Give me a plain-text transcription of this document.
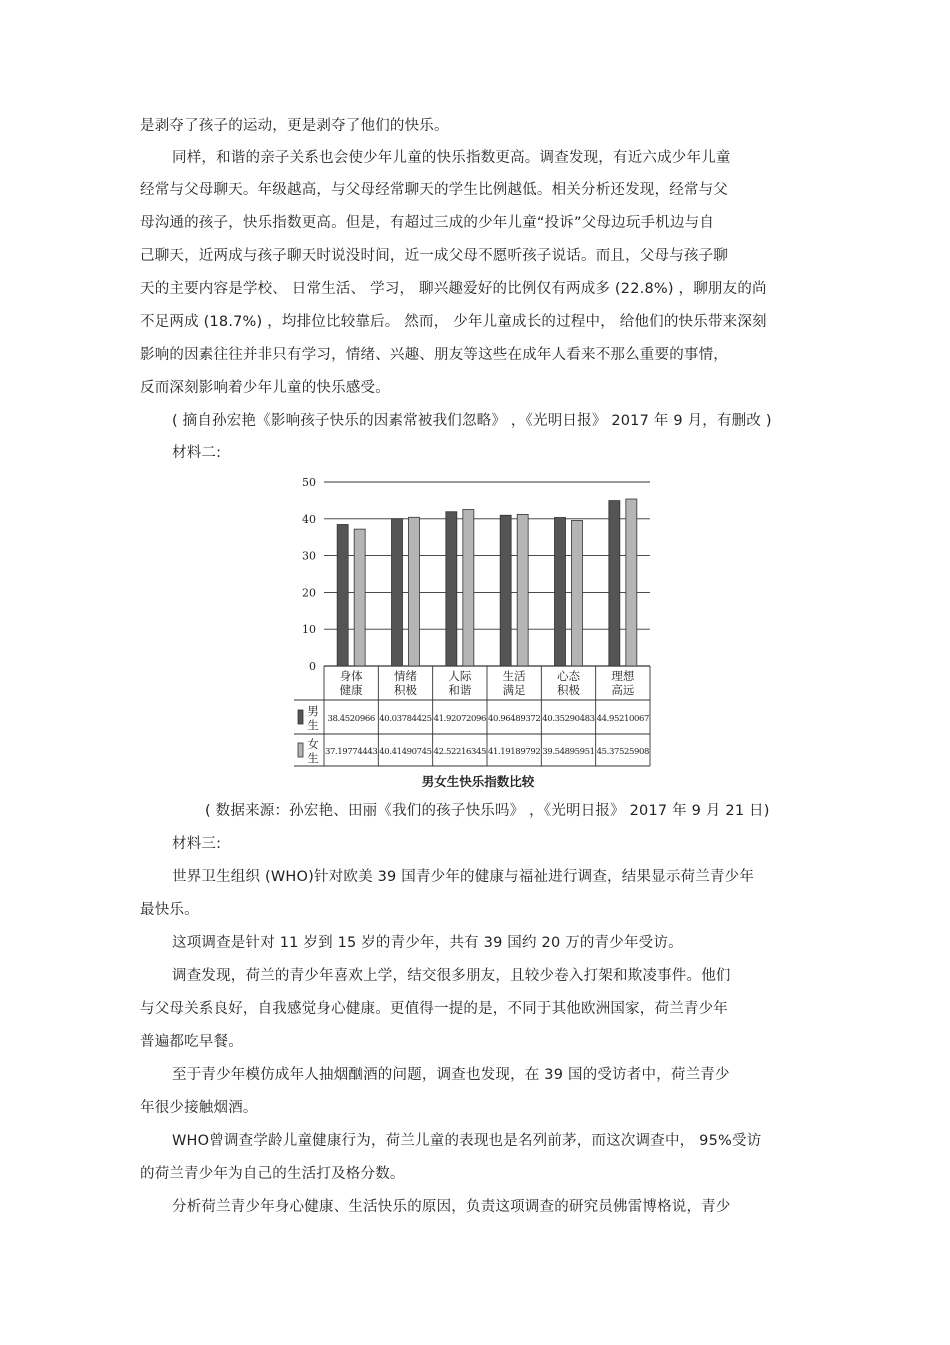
是剥夺了孩子的运动，更是剥夺了他们的快乐。
同样，和谐的亲子关系也会使少年儿童的快乐指数更高。调查发现，有近六成少年儿童
经常与父母聊天。年级越高，与父母经常聊天的学生比例越低。相关分析还发现，经常与父
母沟通的孩子，快乐指数更高。但是，有超过三成的少年儿童“投诉”父母边玩手机边与自
己聊天，近两成与孩子聊天时说没时间，近一成父母不愿听孩子说话。而且，父母与孩子聊
天的主要内容是学校、 日常生活、 学习， 聊兴趣爱好的比例仅有两成多 (22.8%) ，聊朋友的尚
不足两成 (18.7%) ，均排位比较靠后。 然而， 少年儿童成长的过程中， 给他们的快乐带来深刻
影响的因素往往并非只有学习，情绪、兴趣、朋友等这些在成年人看来不那么重要的事情，
反而深刻影响着少年儿童的快乐感受。
( 摘自孙宏艳《影响孩子快乐的因素常被我们忽略》 ，《光明日报》 2017 年 9 月，有删改 )
材料二:
0
10
20
30
40
50
身体
健康
情绪
积极
人际
和谐
生活
满足
心态
积极
理想
高远
男
生 38.4520966 40.03784425 41.92072096 40.96489372 40.35290483 44.95210067
女
生 37.19774443 40.41490745 42.52216345 41.19189792 39.54895951 45.37525908
男女生快乐指数比较
( 数据来源：孙宏艳、田丽《我们的孩子快乐吗》 ，《光明日报》 2017 年 9 月 21 日)
材料三:
世界卫生组织 (WHO)针对欧美 39 国青少年的健康与福祉进行调查，结果显示荷兰青少年
最快乐。
这项调查是针对 11 岁到 15 岁的青少年，共有 39 国约 20 万的青少年受访。
调查发现，荷兰的青少年喜欢上学，结交很多朋友，且较少卷入打架和欺凌事件。他们
与父母关系良好，自我感觉身心健康。更值得一提的是，不同于其他欧洲国家，荷兰青少年
普遍都吃早餐。
至于青少年模仿成年人抽烟酗酒的问题，调查也发现，在 39 国的受访者中，荷兰青少
年很少接触烟酒。
WHO曾调查学龄儿童健康行为，荷兰儿童的表现也是名列前茅，而这次调查中， 95%受访
的荷兰青少年为自己的生活打及格分数。
分析荷兰青少年身心健康、生活快乐的原因，负责这项调查的研究员佛雷博格说，青少
